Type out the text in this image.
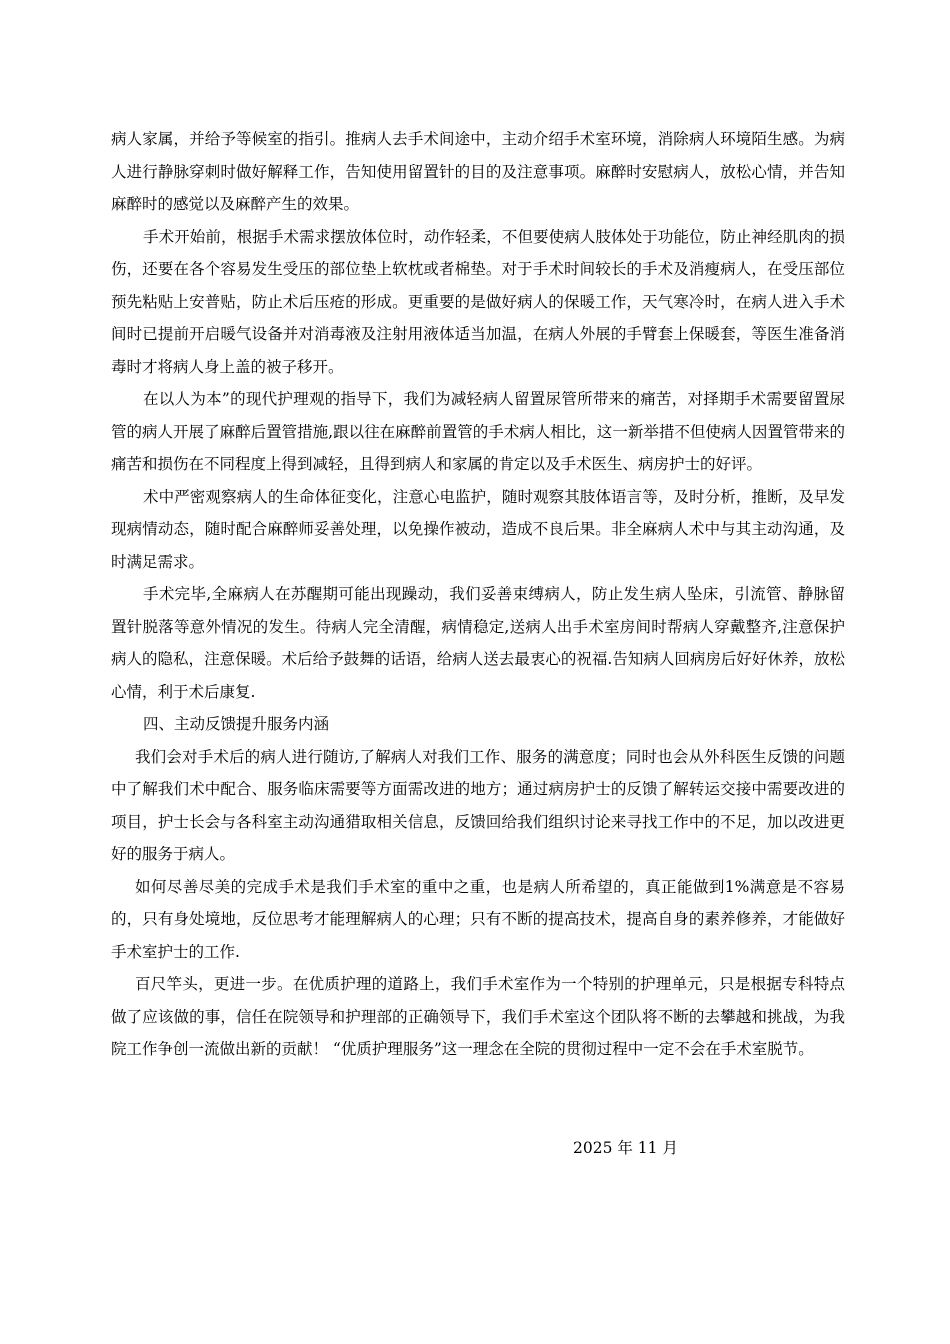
病人家属，并给予等候室的指引。推病人去手术间途中，主动介绍手术室环境，消除病人环境陌生感。为病人进行静脉穿刺时做好解释工作，告知使用留置针的目的及注意事项。麻醉时安慰病人，放松心情，并告知麻醉时的感觉以及麻醉产生的效果。

手术开始前，根据手术需求摆放体位时，动作轻柔，不但要使病人肢体处于功能位，防止神经肌肉的损伤，还要在各个容易发生受压的部位垫上软枕或者棉垫。对于手术时间较长的手术及消瘦病人，在受压部位预先粘贴上安普贴，防止术后压疮的形成。更重要的是做好病人的保暖工作，天气寒冷时，在病人进入手术间时已提前开启暖气设备并对消毒液及注射用液体适当加温，在病人外展的手臂套上保暖套，等医生准备消毒时才将病人身上盖的被子移开。

在以人为本”的现代护理观的指导下，我们为减轻病人留置尿管所带来的痛苦，对择期手术需要留置尿管的病人开展了麻醉后置管措施,跟以往在麻醉前置管的手术病人相比，这一新举措不但使病人因置管带来的痛苦和损伤在不同程度上得到减轻，且得到病人和家属的肯定以及手术医生、病房护士的好评。

术中严密观察病人的生命体征变化，注意心电监护，随时观察其肢体语言等，及时分析，推断，及早发现病情动态，随时配合麻醉师妥善处理，以免操作被动，造成不良后果。非全麻病人术中与其主动沟通，及时满足需求。

手术完毕,全麻病人在苏醒期可能出现躁动，我们妥善束缚病人，防止发生病人坠床，引流管、静脉留置针脱落等意外情况的发生。待病人完全清醒，病情稳定,送病人出手术室房间时帮病人穿戴整齐,注意保护病人的隐私，注意保暖。术后给予鼓舞的话语，给病人送去最衷心的祝福.告知病人回病房后好好休养，放松心情，利于术后康复.

四、主动反馈提升服务内涵

我们会对手术后的病人进行随访,了解病人对我们工作、服务的满意度；同时也会从外科医生反馈的问题中了解我们术中配合、服务临床需要等方面需改进的地方；通过病房护士的反馈了解转运交接中需要改进的项目，护士长会与各科室主动沟通猎取相关信息，反馈回给我们组织讨论来寻找工作中的不足，加以改进更好的服务于病人。

如何尽善尽美的完成手术是我们手术室的重中之重，也是病人所希望的，真正能做到1%满意是不容易的，只有身处境地，反位思考才能理解病人的心理；只有不断的提高技术，提高自身的素养修养，才能做好手术室护士的工作.

百尺竿头，更进一步。在优质护理的道路上，我们手术室作为一个特别的护理单元，只是根据专科特点做了应该做的事，信任在院领导和护理部的正确领导下，我们手术室这个团队将不断的去攀越和挑战，为我院工作争创一流做出新的贡献！ “优质护理服务”这一理念在全院的贯彻过程中一定不会在手术室脱节。

2025 年 11 月
